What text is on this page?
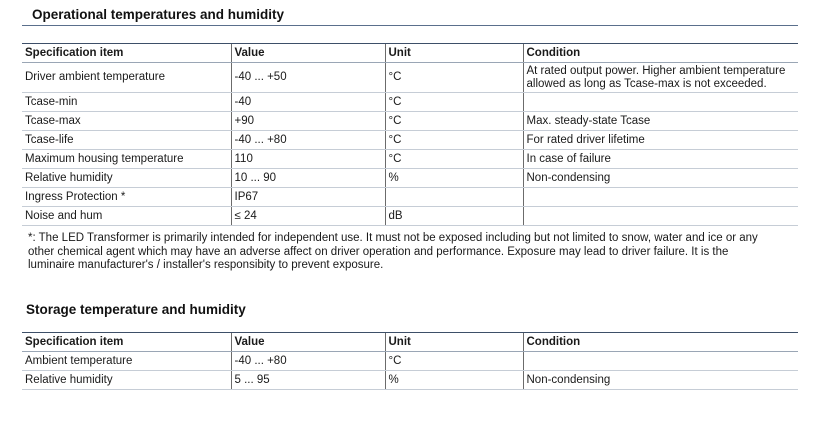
Operational temperatures and humidity
Specification item	Value	Unit	Condition
Driver ambient temperature	-40 ... +50	°C	At rated output power. Higher ambient temperature allowed as long as Tcase-max is not exceeded.
Tcase-min	-40	°C	
Tcase-max	+90	°C	Max. steady-state Tcase
Tcase-life	-40 ... +80	°C	For rated driver lifetime
Maximum housing temperature	110	°C	In case of failure
Relative humidity	10 ... 90	%	Non-condensing
Ingress Protection *	IP67		
Noise and hum	≤ 24	dB	
*: The LED Transformer is primarily intended for independent use. It must not be exposed including but not limited to snow, water and ice or any other chemical agent which may have an adverse affect on driver operation and performance. Exposure may lead to driver failure. It is the luminaire manufacturer's / installer's responsibity to prevent exposure.
Storage temperature and humidity
Specification item	Value	Unit	Condition
Ambient temperature	-40 ... +80	°C	
Relative humidity	5 ... 95	%	Non-condensing
